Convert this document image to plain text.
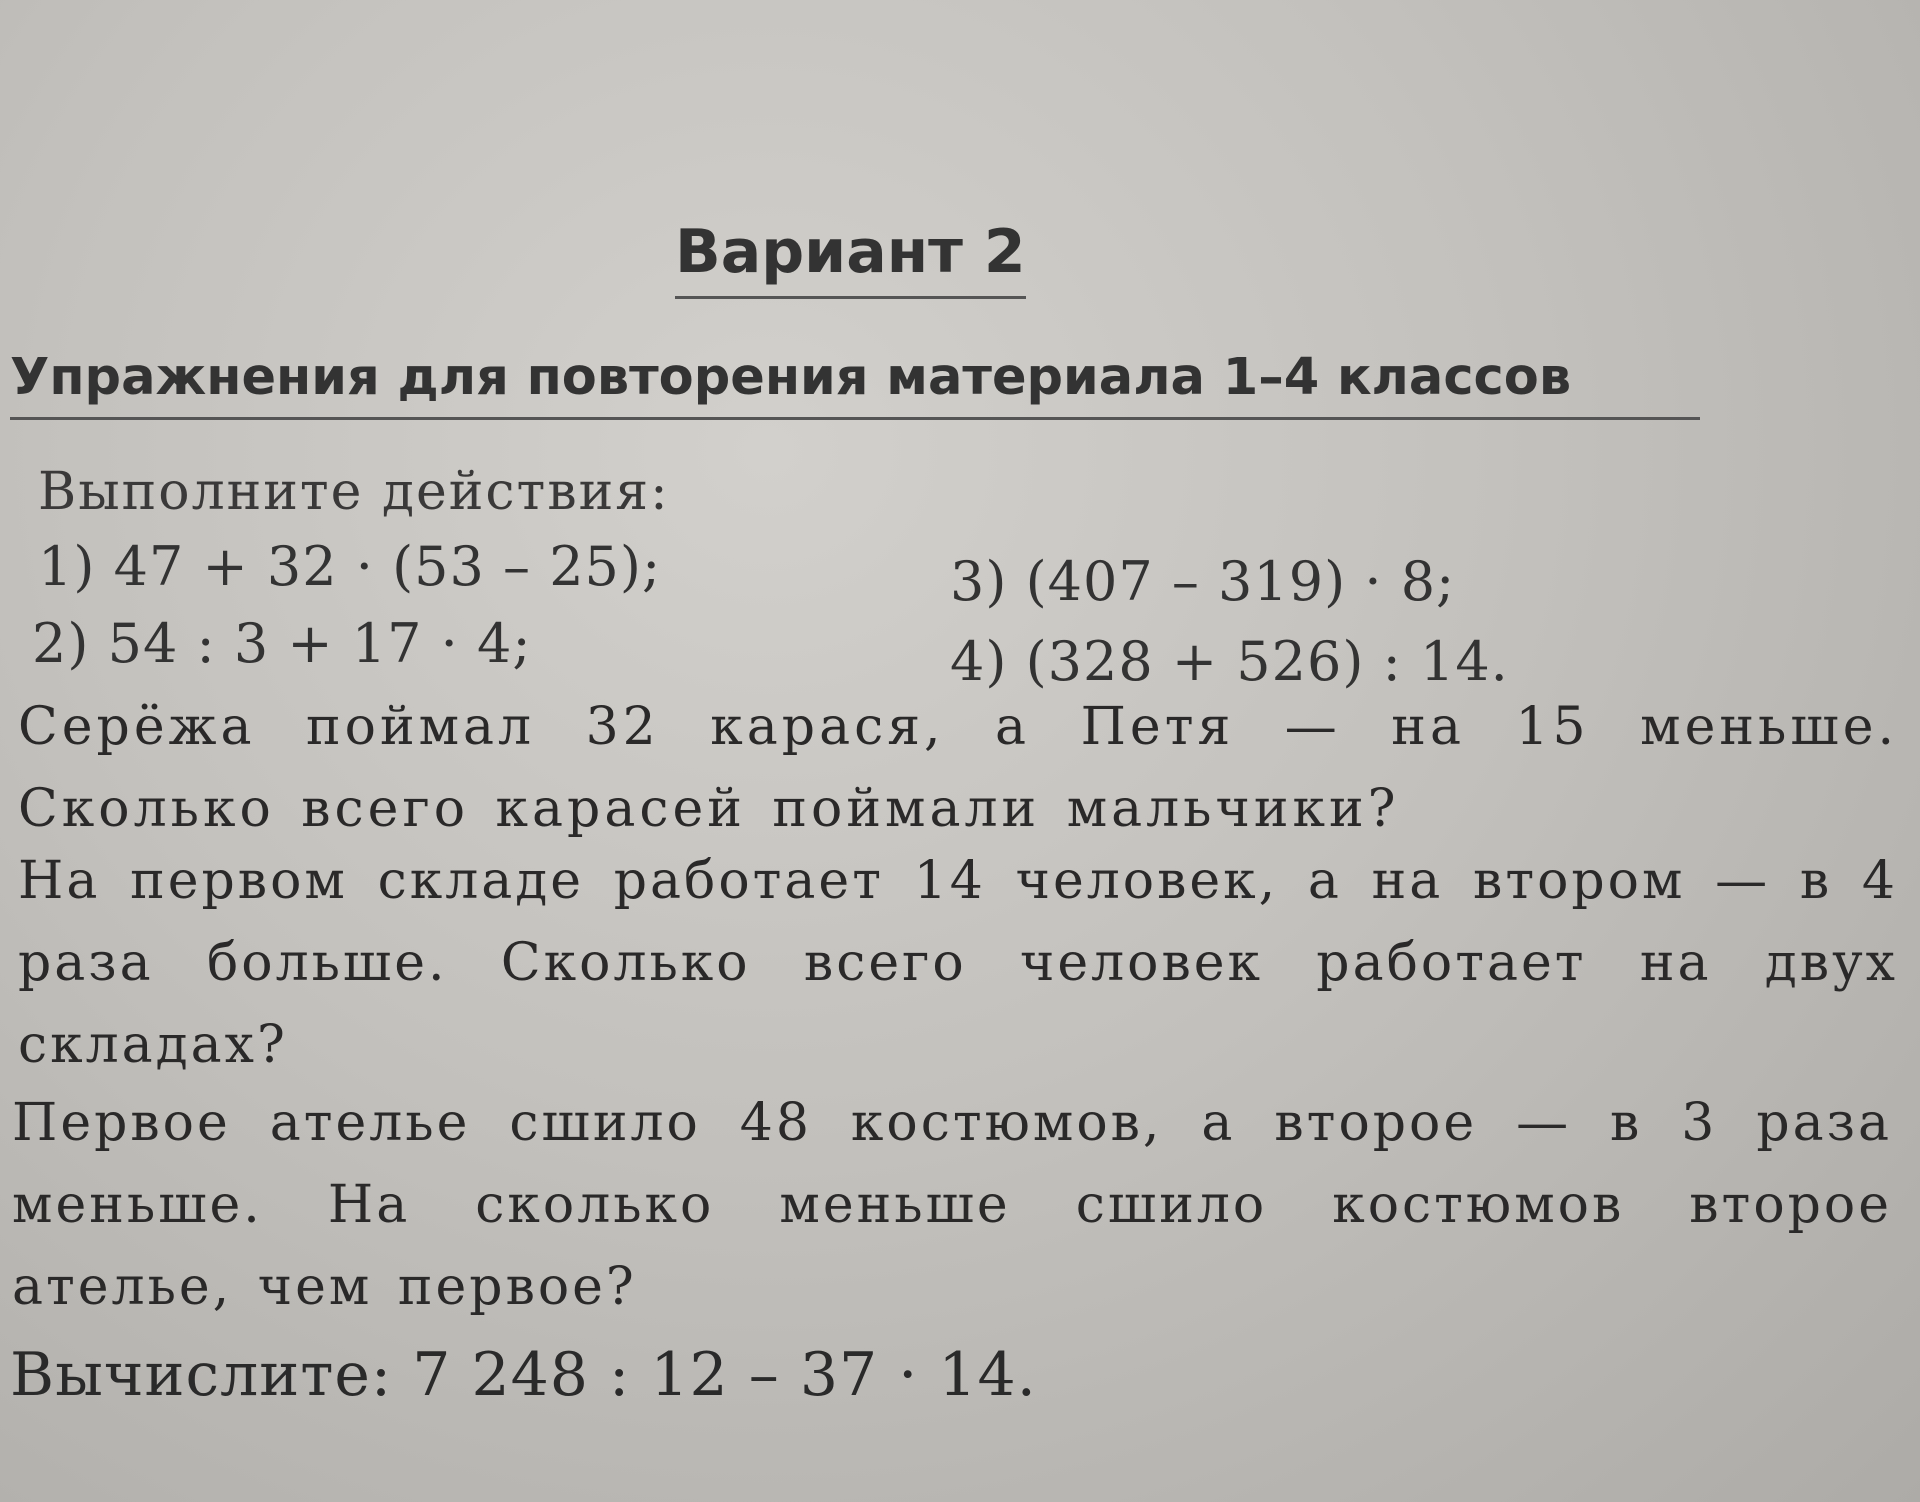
Вариант 2
Упражнения для повторения материала 1–4 классов
Выполните действия:
1) 47 + 32 · (53 – 25);
2) 54 : 3 + 17 · 4;
3) (407 – 319) · 8;
4) (328 + 526) : 14.
Серёжа поймал 32 карася, а Петя — на 15 меньше. Сколько всего карасей поймали мальчики?
На первом складе работает 14 человек, а на втором — в 4 раза больше. Сколько всего человек работает на двух складах?
Первое ателье сшило 48 костюмов, а второе — в 3 раза меньше. На сколько меньше сшило костюмов второе ателье, чем первое?
Вычислите: 7 248 : 12 – 37 · 14.
